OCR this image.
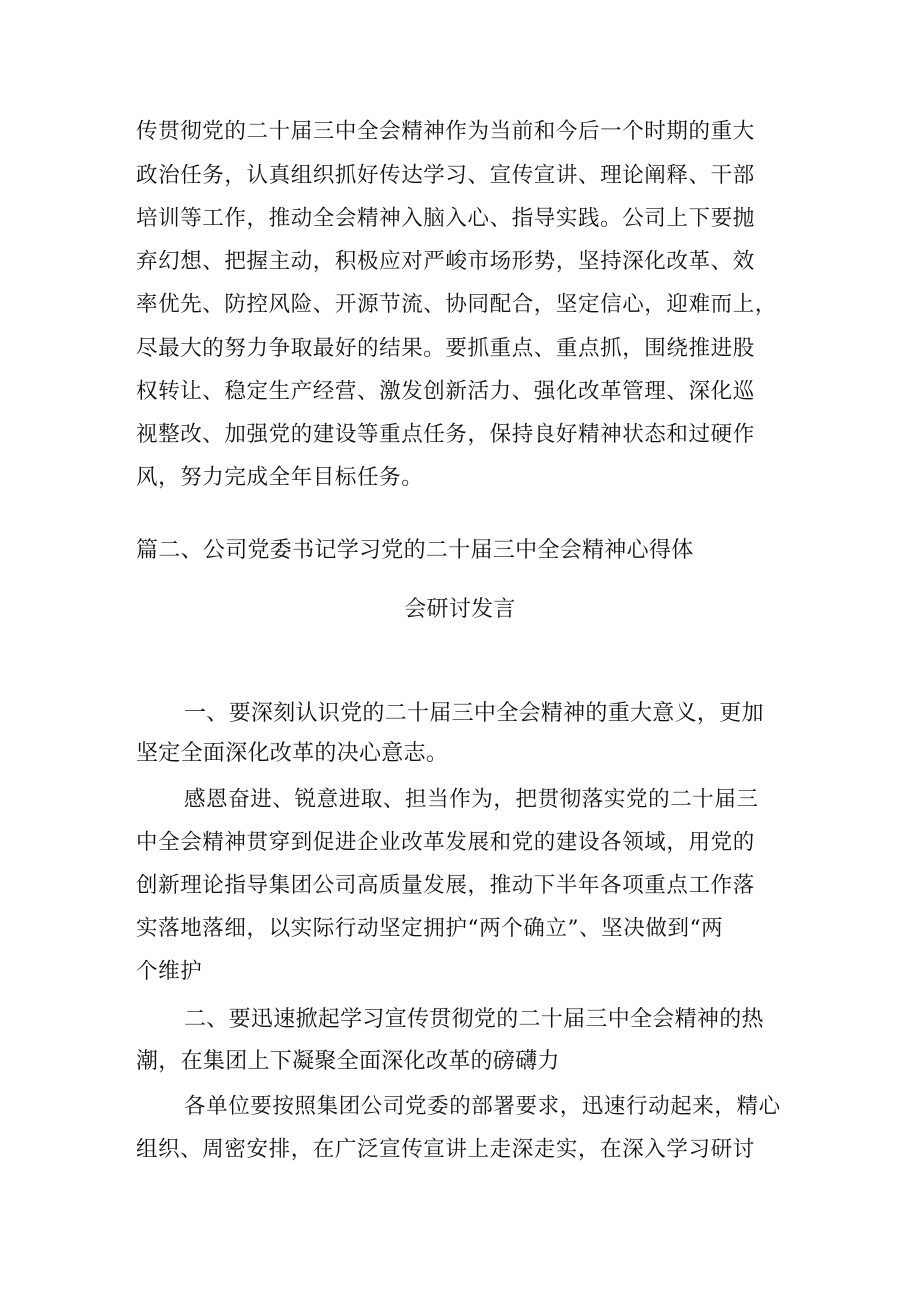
传贯彻党的二十届三中全会精神作为当前和今后一个时期的重大
政治任务，认真组织抓好传达学习、宣传宣讲、理论阐释、干部
培训等工作，推动全会精神入脑入心、指导实践。公司上下要抛
弃幻想、把握主动，积极应对严峻市场形势，坚持深化改革、效
率优先、防控风险、开源节流、协同配合，坚定信心，迎难而上，
尽最大的努力争取最好的结果。要抓重点、重点抓，围绕推进股
权转让、稳定生产经营、激发创新活力、强化改革管理、深化巡
视整改、加强党的建设等重点任务，保持良好精神状态和过硬作
风，努力完成全年目标任务。
篇二、公司党委书记学习党的二十届三中全会精神心得体
会研讨发言
一、要深刻认识党的二十届三中全会精神的重大意义，更加
坚定全面深化改革的决心意志。
感恩奋进、锐意进取、担当作为，把贯彻落实党的二十届三
中全会精神贯穿到促进企业改革发展和党的建设各领域，用党的
创新理论指导集团公司高质量发展，推动下半年各项重点工作落
实落地落细，以实际行动坚定拥护“两个确立”、坚决做到“两
个维护
二、要迅速掀起学习宣传贯彻党的二十届三中全会精神的热
潮，在集团上下凝聚全面深化改革的磅礴力
各单位要按照集团公司党委的部署要求，迅速行动起来，精心
组织、周密安排，在广泛宣传宣讲上走深走实，在深入学习研讨
